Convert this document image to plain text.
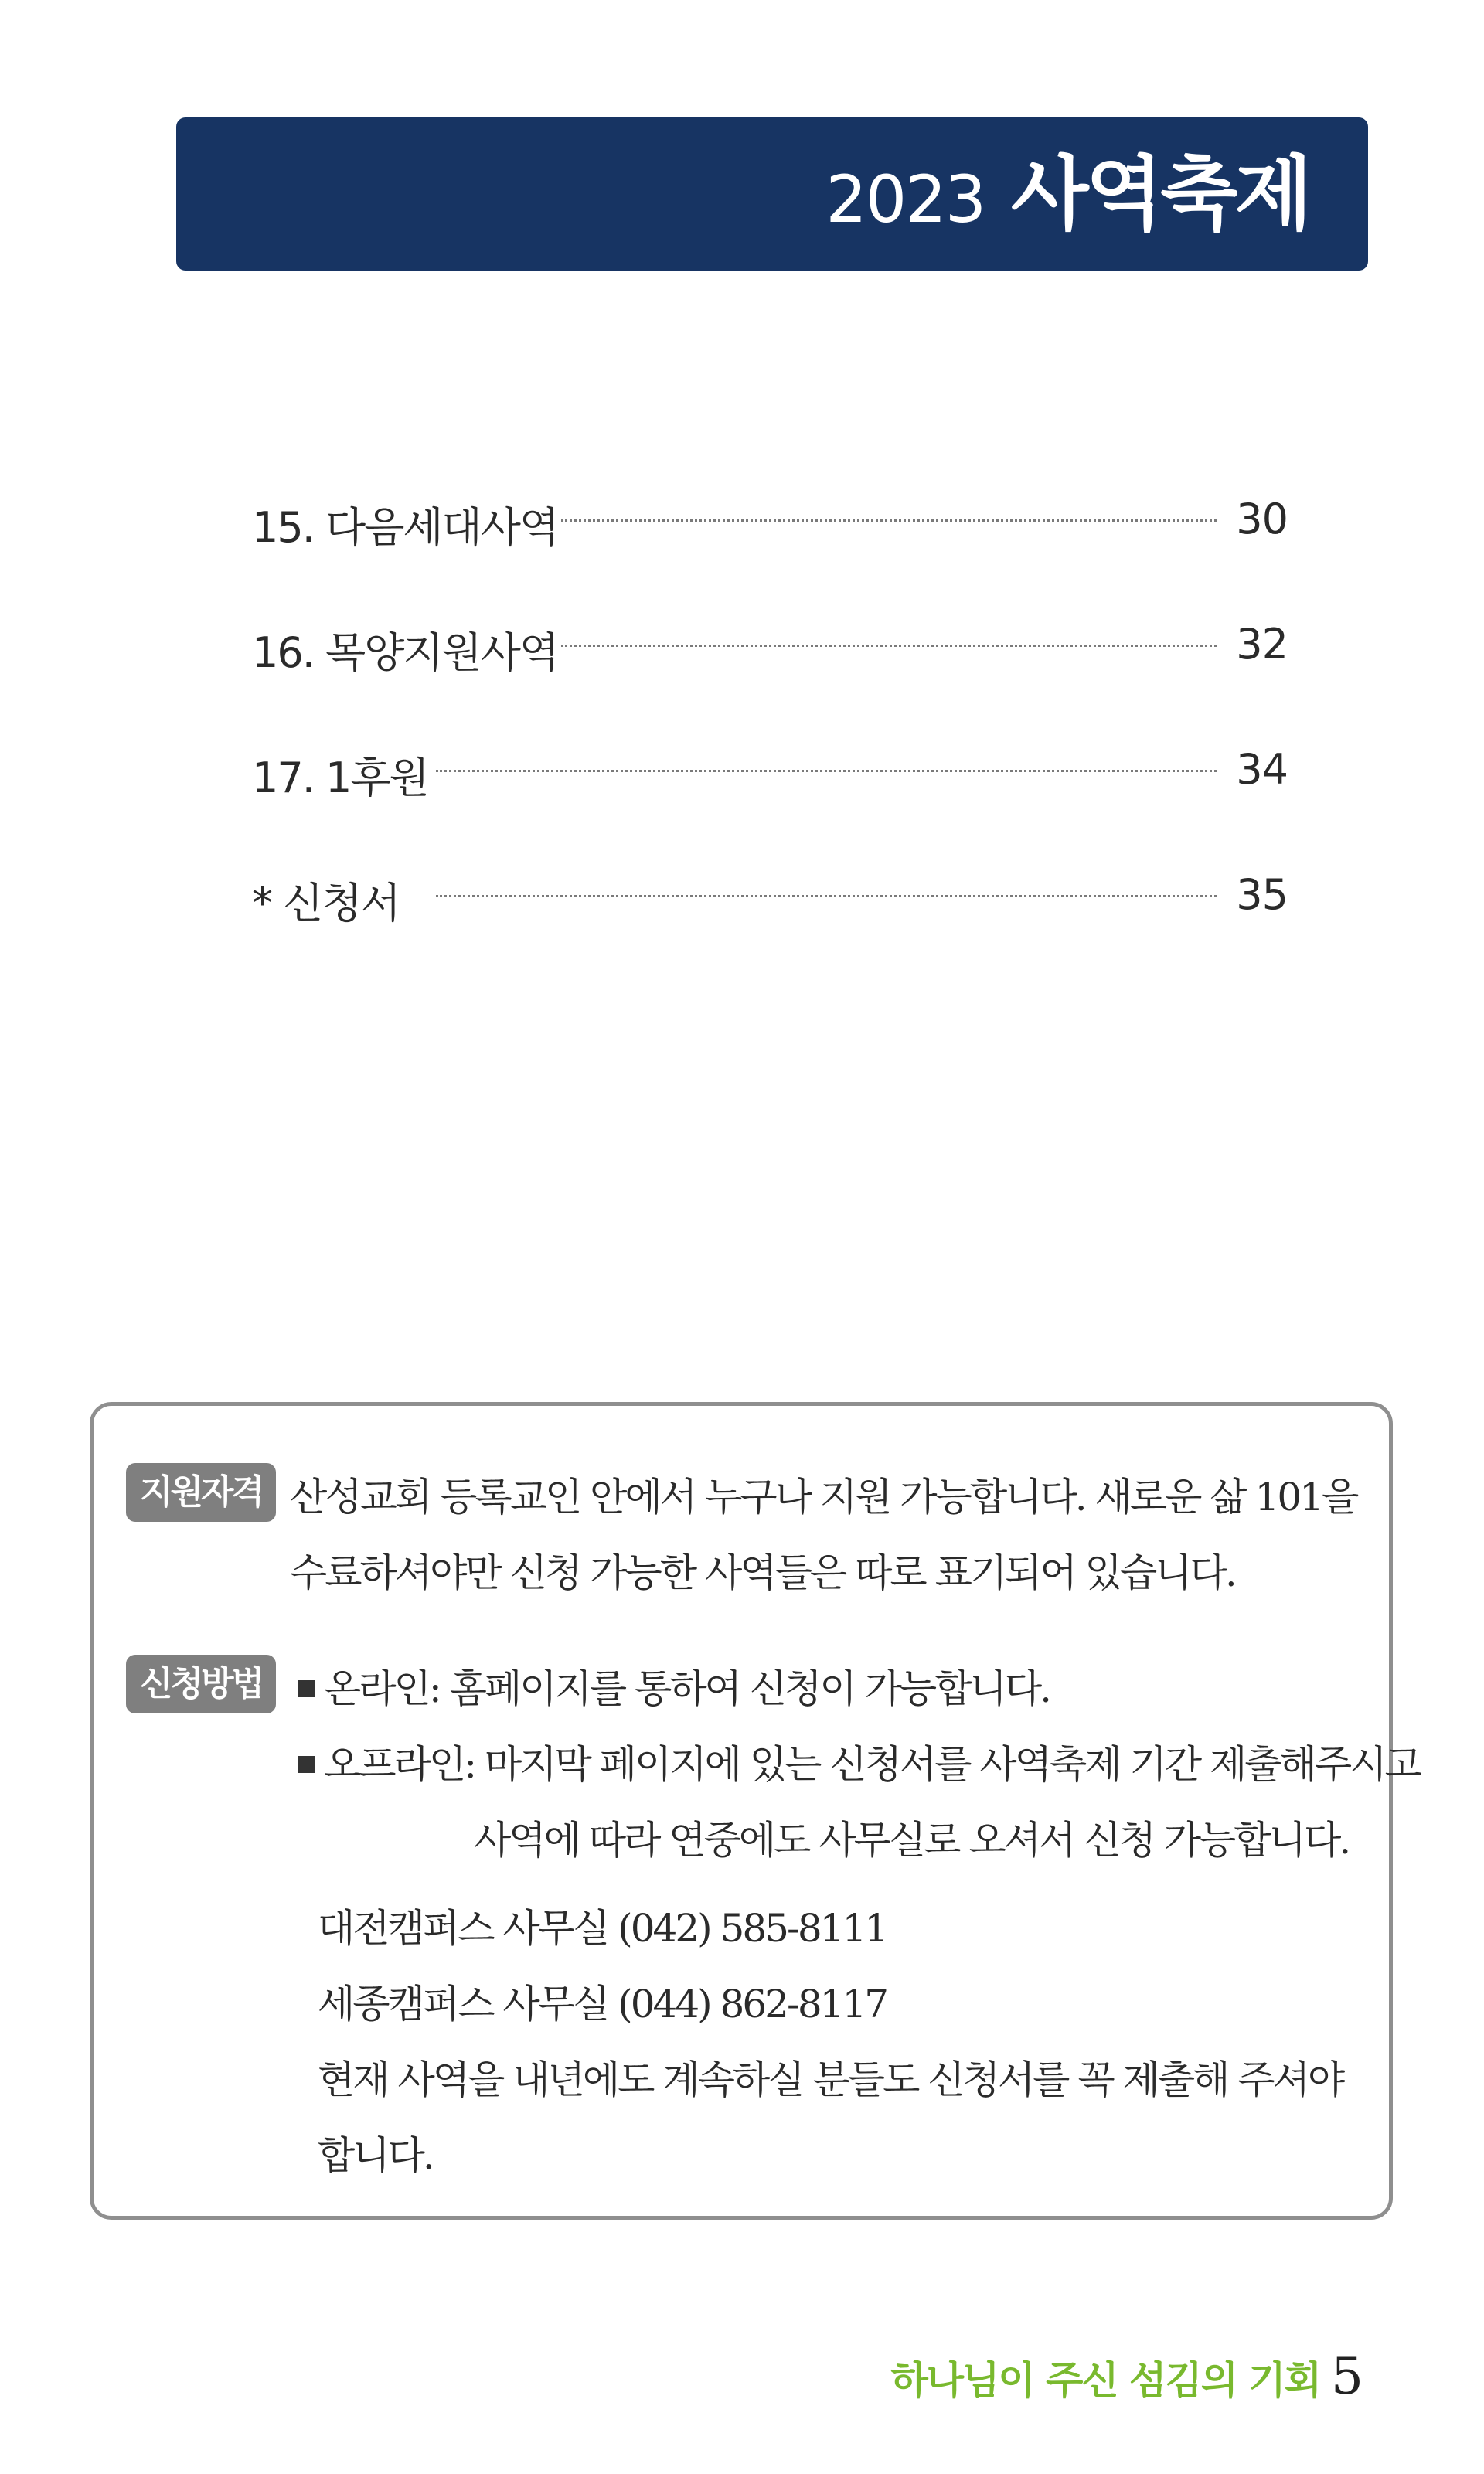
2023 사역축제
15. 다음세대사역	30
16. 목양지원사역	32
17. 1후원	34
* 신청서	35
지원자격 산성교회 등록교인 안에서 누구나 지원 가능합니다. 새로운 삶 101을
수료하셔야만 신청 가능한 사역들은 따로 표기되어 있습니다.
신청방법	온라인: 홈페이지를 통하여 신청이 가능합니다.
오프라인: 마지막 페이지에 있는 신청서를 사역축제 기간 제출해주시고
사역에 따라 연중에도 사무실로 오셔서 신청 가능합니다.
대전캠퍼스 사무실 (042) 585-8111
세종캠퍼스 사무실 (044) 862-8117
현재 사역을 내년에도 계속하실 분들도 신청서를 꼭 제출해 주셔야
합니다.
하나님이 주신 섬김의 기회 5
